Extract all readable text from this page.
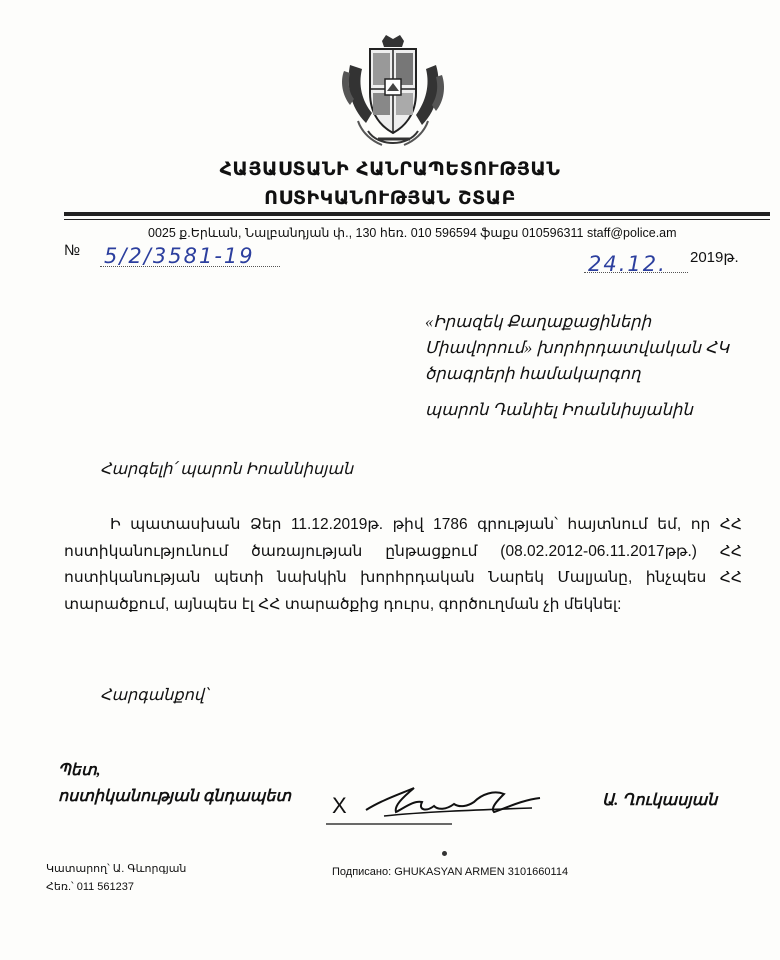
ՀԱՅԱՍՏԱՆԻ ՀԱՆՐԱՊԵՏՈՒԹՅԱՆ
ՈՍՏԻԿԱՆՈՒԹՅԱՆ ՇՏԱԲ
0025 ք.Երևան, Նալբանդյան փ., 130 հեռ. 010 596594 ֆաքս 010596311 staff@police.am
№ 5/2/3581-19	24.12. 2019թ.
«Իրազեկ Քաղաքացիների
Միավորում» խորհրդատվական ՀԿ
ծրագրերի համակարգող
պարոն Դանիել Իոաննիսյանին
Հարգելի՛ պարոն Իոաննիսյան
Ի պատասխան Ձեր 11.12.2019թ. թիվ 1786 գրության՝ հայտնում եմ, որ ՀՀ ոստիկանությունում ծառայության ընթացքում (08.02.2012-06.11.2017թթ.) ՀՀ ոստիկանության պետի նախկին խորհրդական Նարեկ Մալյանը, ինչպես ՀՀ տարածքում, այնպես էլ ՀՀ տարածքից դուրս, գործուղման չի մեկնել:
Հարգանքով՝
Պետ,
ոստիկանության գնդապետ X	Ա. Ղուկասյան
Կատարող՝ Ա. Գևորգյան
Հեռ.՝ 011 561237
Подписано: GHUKASYAN ARMEN 3101660114
